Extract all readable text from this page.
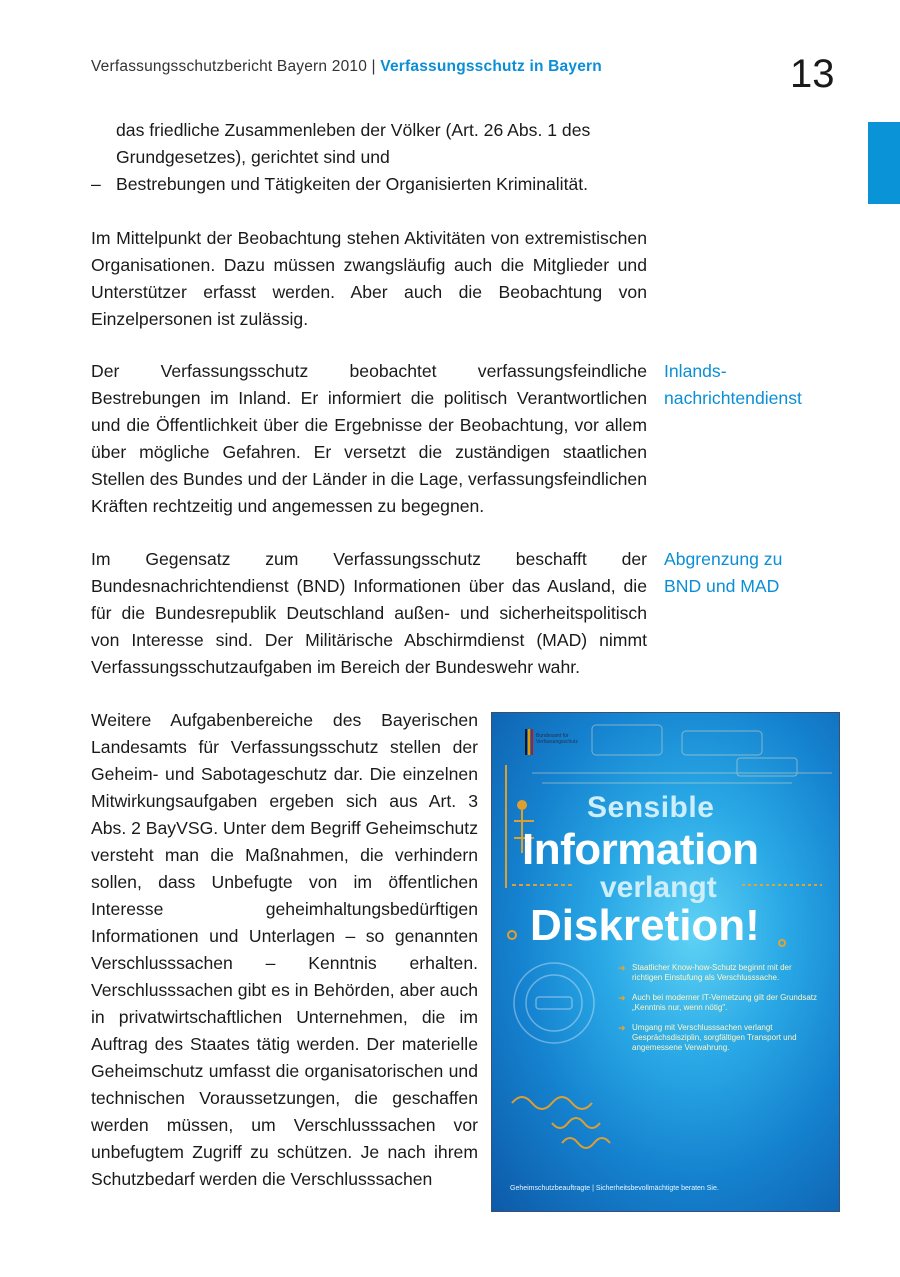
Verfassungsschutzbericht Bayern 2010 | Verfassungsschutz in Bayern	13

das friedliche Zusammenleben der Völker (Art. 26 Abs. 1 des

Grundgesetzes), gerichtet sind und

– Bestrebungen und Tätigkeiten der Organisierten Kriminalität.

Im Mittelpunkt der Beobachtung stehen Aktivitäten von extremistischen Organisationen. Dazu müssen zwangsläufig auch die Mitglieder und Unterstützer erfasst werden. Aber auch die Beobachtung von Einzelpersonen ist zulässig.

Der Verfassungsschutz beobachtet verfassungsfeindliche Bestrebungen im Inland. Er informiert die politisch Verantwortlichen und die Öffentlichkeit über die Ergebnisse der Beobachtung, vor allem über mögliche Gefahren. Er versetzt die zuständigen staatlichen Stellen des Bundes und der Länder in die Lage, verfassungsfeindlichen Kräften rechtzeitig und angemessen zu begegnen.

Im Gegensatz zum Verfassungsschutz beschafft der Bundesnachrichtendienst (BND) Informationen über das Ausland, die für die Bundesrepublik Deutschland außen- und sicherheitspolitisch von Interesse sind. Der Militärische Abschirmdienst (MAD) nimmt Verfassungsschutzaufgaben im Bereich der Bundeswehr wahr.

Inlands-
nachrichtendienst
Abgrenzung zu
BND und MAD

Weitere Aufgabenbereiche des Bayerischen Landesamts für Verfassungsschutz stellen der Geheim- und Sabotageschutz dar. Die einzelnen Mitwirkungsaufgaben ergeben sich aus Art. 3 Abs. 2 BayVSG. Unter dem Begriff Geheimschutz versteht man die Maßnahmen, die verhindern sollen, dass Unbefugte von im öffentlichen Interesse geheimhaltungsbedürftigen Informationen und Unterlagen – so genannten Verschlusssachen – Kenntnis erhalten. Verschlusssachen gibt es in Behörden, aber auch in privatwirtschaftlichen Unternehmen, die im Auftrag des Staates tätig werden. Der materielle Geheimschutz umfasst die organisatorischen und technischen Voraussetzungen, die geschaffen werden müssen, um Verschlusssachen vor unbefugtem Zugriff zu schützen. Je nach ihrem Schutzbedarf werden die Verschlusssachen

Bundesamt für Verfassungsschutz
Sensible
Information
verlangt
Diskretion!
➜ Staatlicher Know-how-Schutz beginnt mit der richtigen Einstufung als Verschlusssache.
➜ Auch bei moderner IT-Vernetzung gilt der Grundsatz „Kenntnis nur, wenn nötig".
➜ Umgang mit Verschlusssachen verlangt Gesprächsdisziplin, sorgfältigen Transport und angemessene Verwahrung.
Geheimschutzbeauftragte | Sicherheitsbevollmächtigte beraten Sie.
